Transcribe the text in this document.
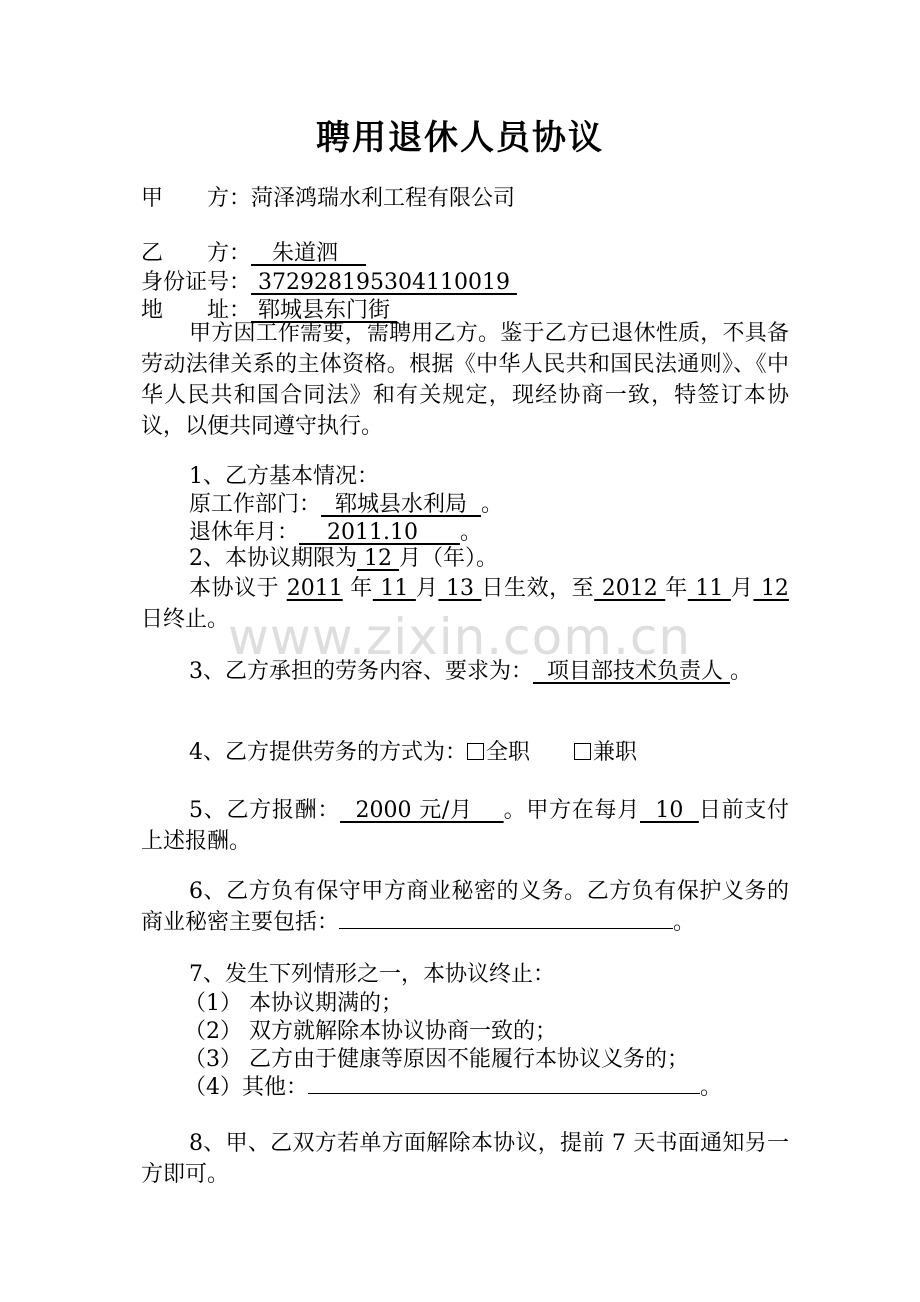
聘用退休人员协议
甲　　方：菏泽鸿瑞水利工程有限公司
乙　　方：   朱道泗
身份证号： 372928195304110019
地　　址： 郓城县东门街
甲方因工作需要，需聘用乙方。鉴于乙方已退休性质，不具备劳动法律关系的主体资格。根据《中华人民共和国民法通则》、《中华人民共和国合同法》和有关规定，现经协商一致，特签订本协议，以便共同遵守执行。
1、乙方基本情况：
原工作部门：  郓城县水利局  。
退休年月：    2011.10      。
2、本协议期限为 12 月（年）。
本协议于 2011 年 11 月 13 日生效，至 2012 年 11 月 12日终止。
www.zixin.com.cn
3、乙方承担的劳务内容、要求为：  项目部技术负责人 。
4、乙方提供劳务的方式为： 全职	兼职
5、乙方报酬：  2000 元/月    。甲方在每月  10  日前支付上述报酬。
6、乙方负有保守甲方商业秘密的义务。乙方负有保护义务的商业秘密主要包括：	。
7、发生下列情形之一，本协议终止：
（1） 本协议期满的；
（2） 双方就解除本协议协商一致的；
（3） 乙方由于健康等原因不能履行本协议义务的；
（4）其他：	。
8、甲、乙双方若单方面解除本协议，提前 7 天书面通知另一方即可。
